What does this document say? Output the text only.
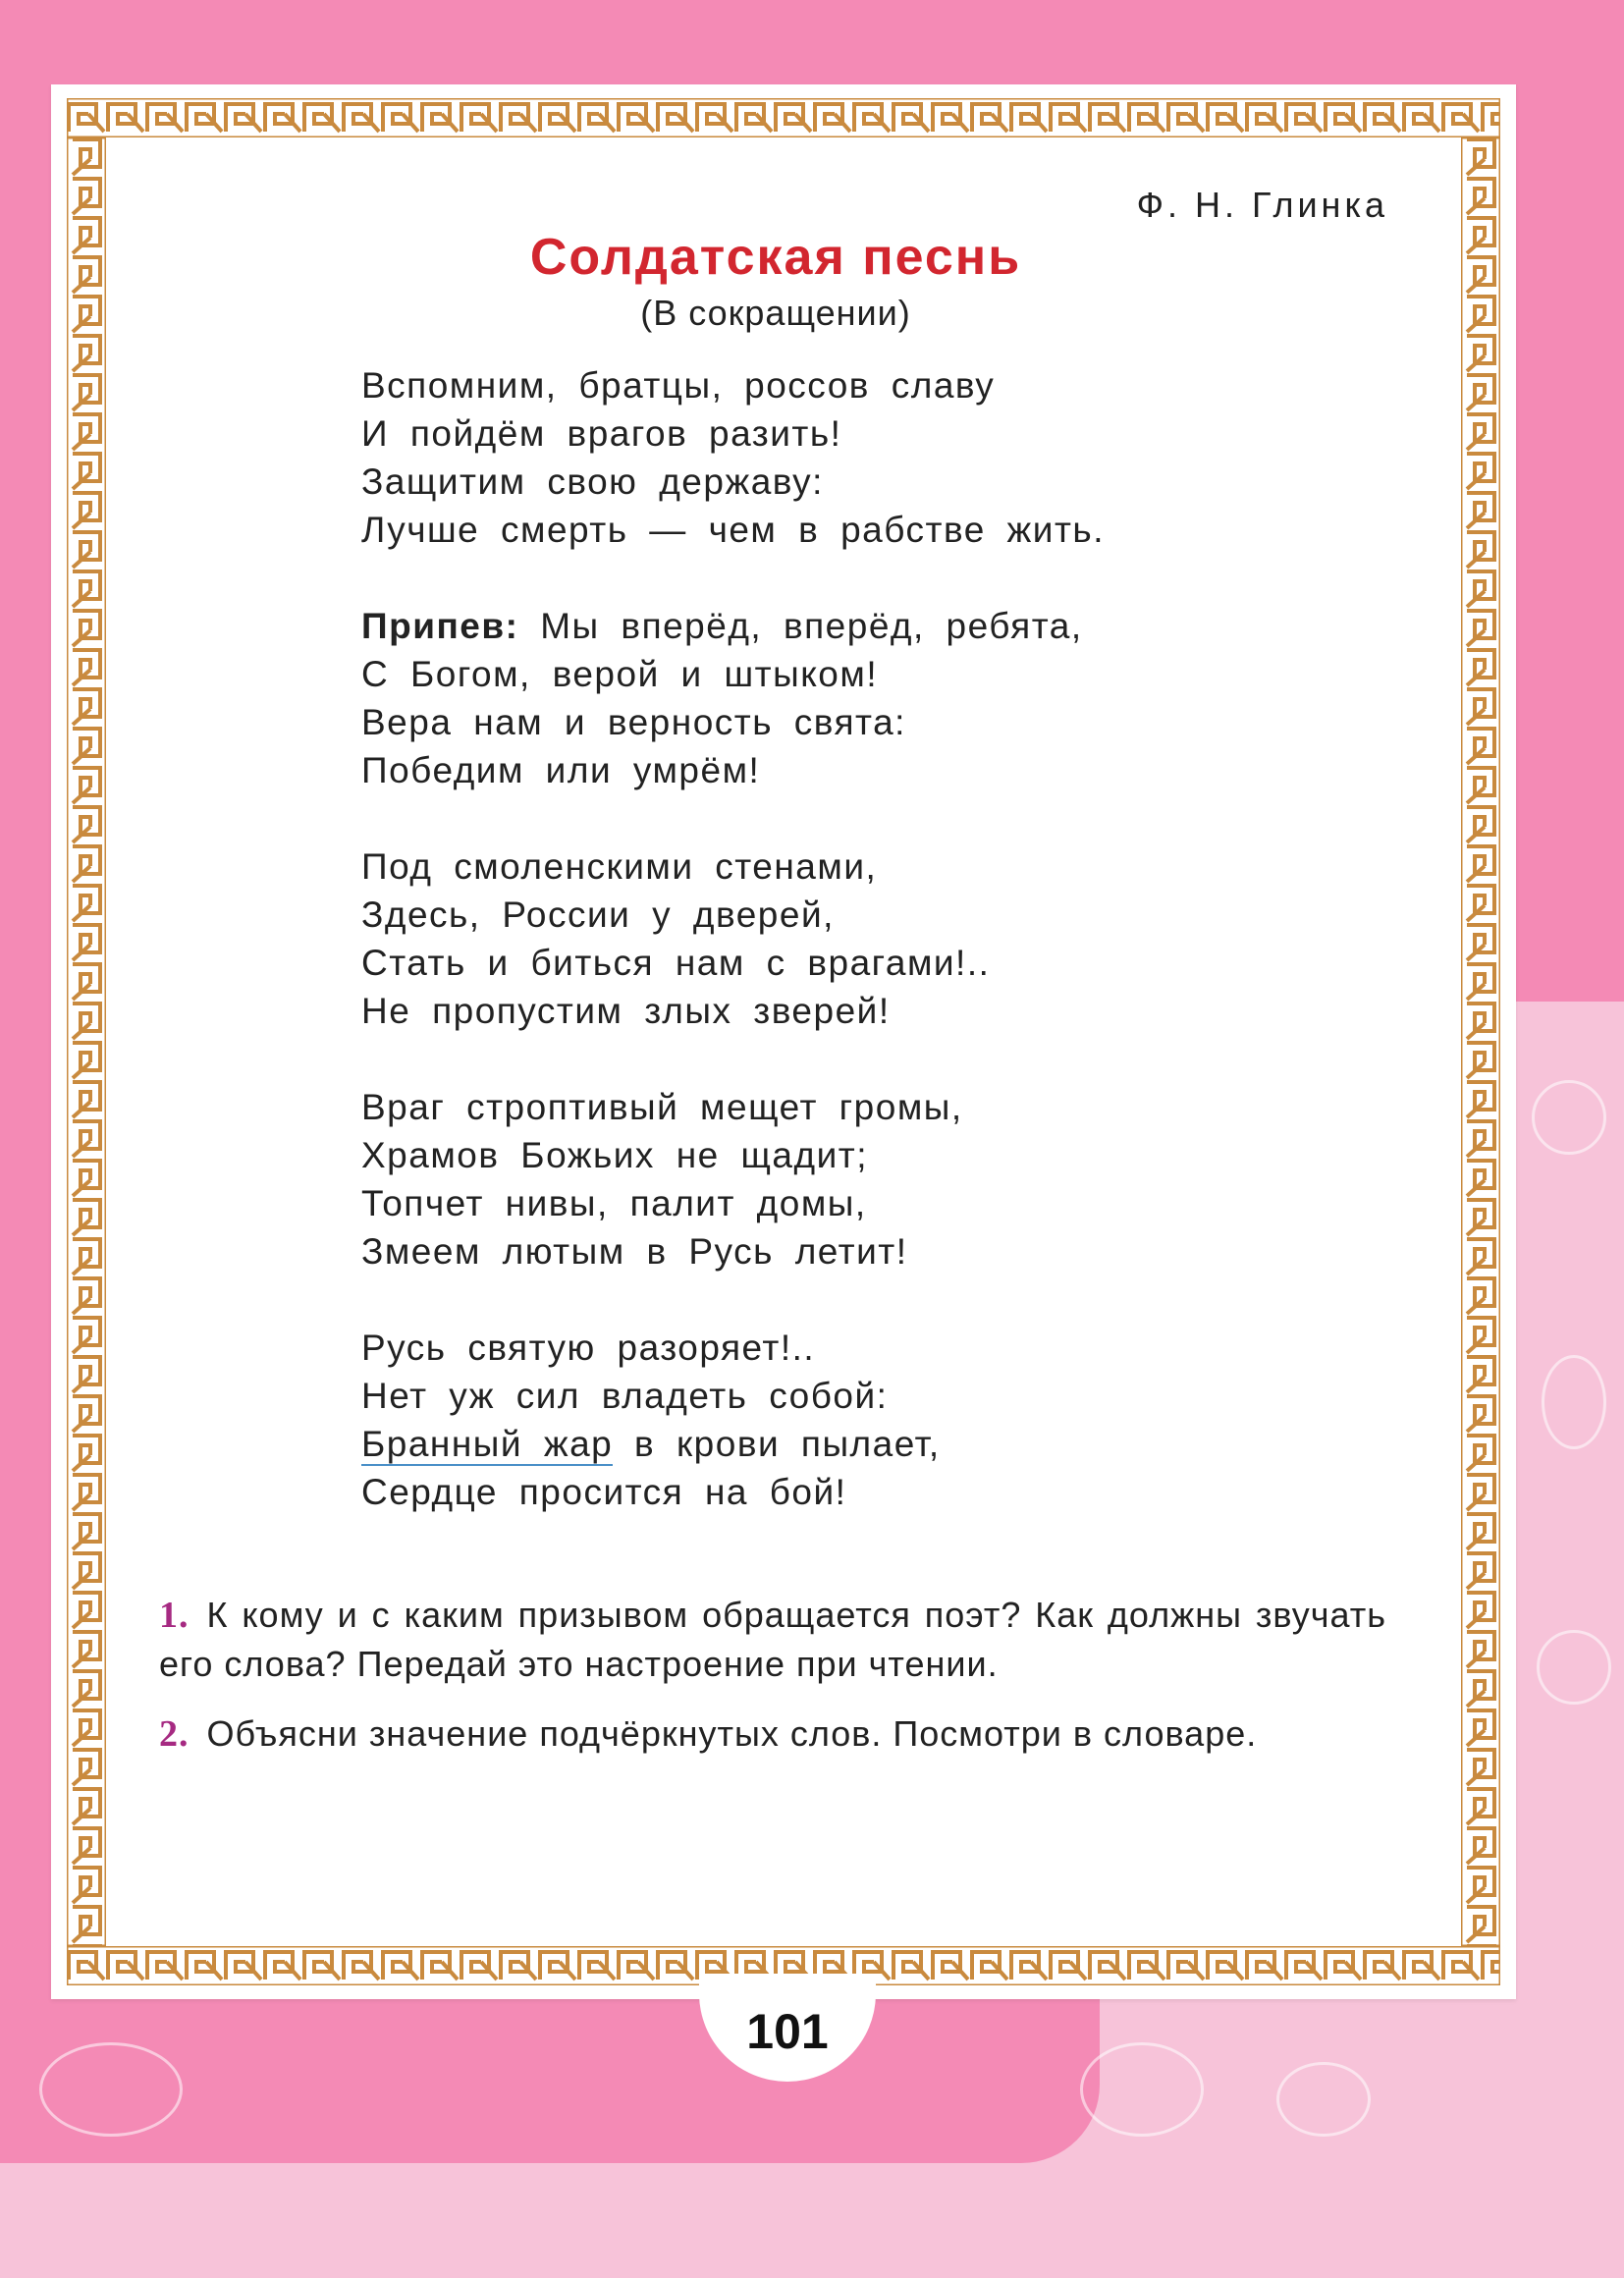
Ф. Н. Глинка
Солдатская песнь
(В сокращении)
Вспомним, братцы, россов славу
И пойдём врагов разить!
Защитим свою державу:
Лучше смерть — чем в рабстве жить.
Припев: Мы вперёд, вперёд, ребята,
С Богом, верой и штыком!
Вера нам и верность свята:
Победим или умрём!
Под смоленскими стенами,
Здесь, России у дверей,
Стать и биться нам с врагами!..
Не пропустим злых зверей!
Враг строптивый мещет громы,
Храмов Божьих не щадит;
Топчет нивы, палит домы,
Змеем лютым в Русь летит!
Русь святую разоряет!..
Нет уж сил владеть собой:
Бранный жар в крови пылает,
Сердце просится на бой!
1. К кому и с каким призывом обращается поэт? Как должны звучать его слова? Передай это настроение при чтении.
2. Объясни значение подчёркнутых слов. Посмотри в словаре.
101
